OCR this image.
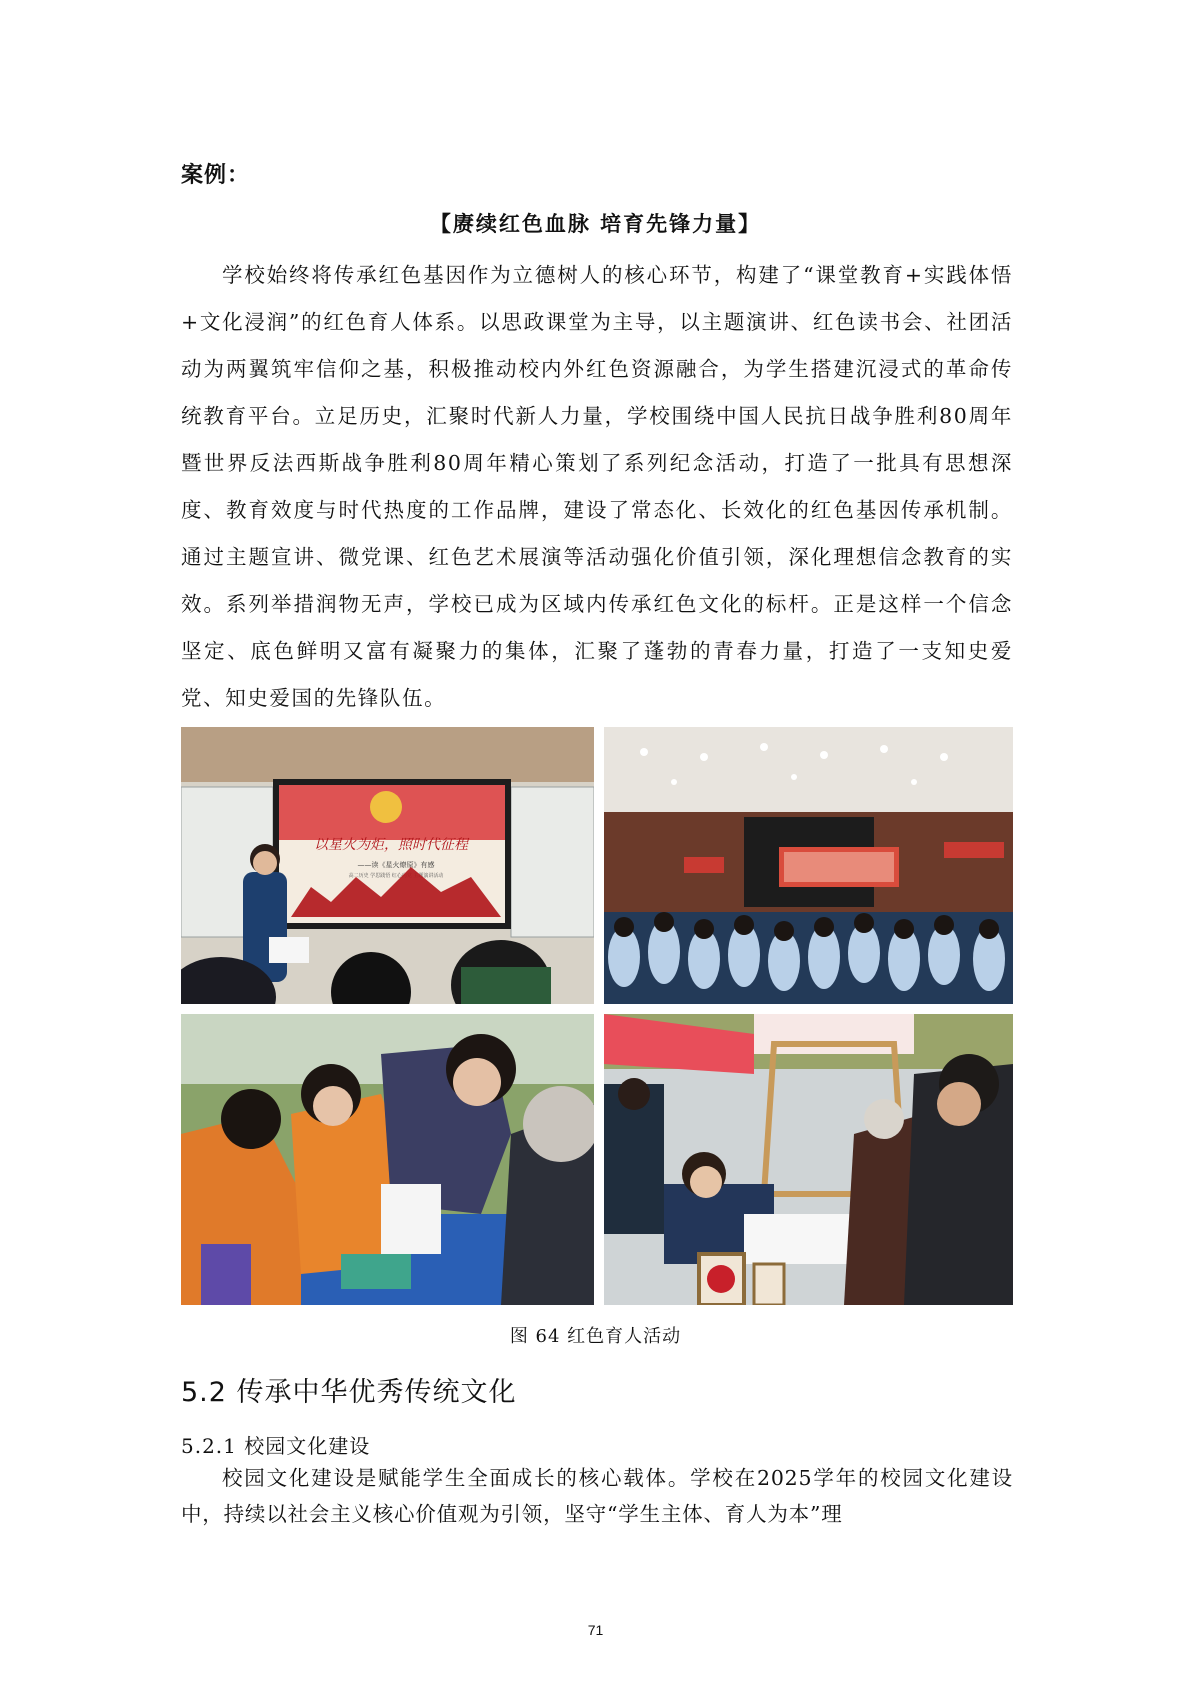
案例：
【赓续红色血脉 培育先锋力量】

学校始终将传承红色基因作为立德树人的核心环节，构建了“课堂教育+实践体悟+文化浸润”的红色育人体系。以思政课堂为主导，以主题演讲、红色读书会、社团活动为两翼筑牢信仰之基，积极推动校内外红色资源融合，为学生搭建沉浸式的革命传统教育平台。立足历史，汇聚时代新人力量，学校围绕中国人民抗日战争胜利80周年暨世界反法西斯战争胜利80周年精心策划了系列纪念活动，打造了一批具有思想深度、教育效度与时代热度的工作品牌，建设了常态化、长效化的红色基因传承机制。通过主题宣讲、微党课、红色艺术展演等活动强化价值引领，深化理想信念教育的实效。系列举措润物无声，学校已成为区域内传承红色文化的标杆。正是这样一个信念坚定、底色鲜明又富有凝聚力的集体，汇聚了蓬勃的青春力量，打造了一支知史爱党、知史爱国的先锋队伍。

以星火为炬，照时代征程
——读《星火燎原》有感
高二历史 学思践悟 红心向党 主题演讲活动
图 64 红色育人活动
5.2 传承中华优秀传统文化
5.2.1 校园文化建设

校园文化建设是赋能学生全面成长的核心载体。学校在2025学年的校园文化建设中，持续以社会主义核心价值观为引领，坚守“学生主体、育人为本”理

71
